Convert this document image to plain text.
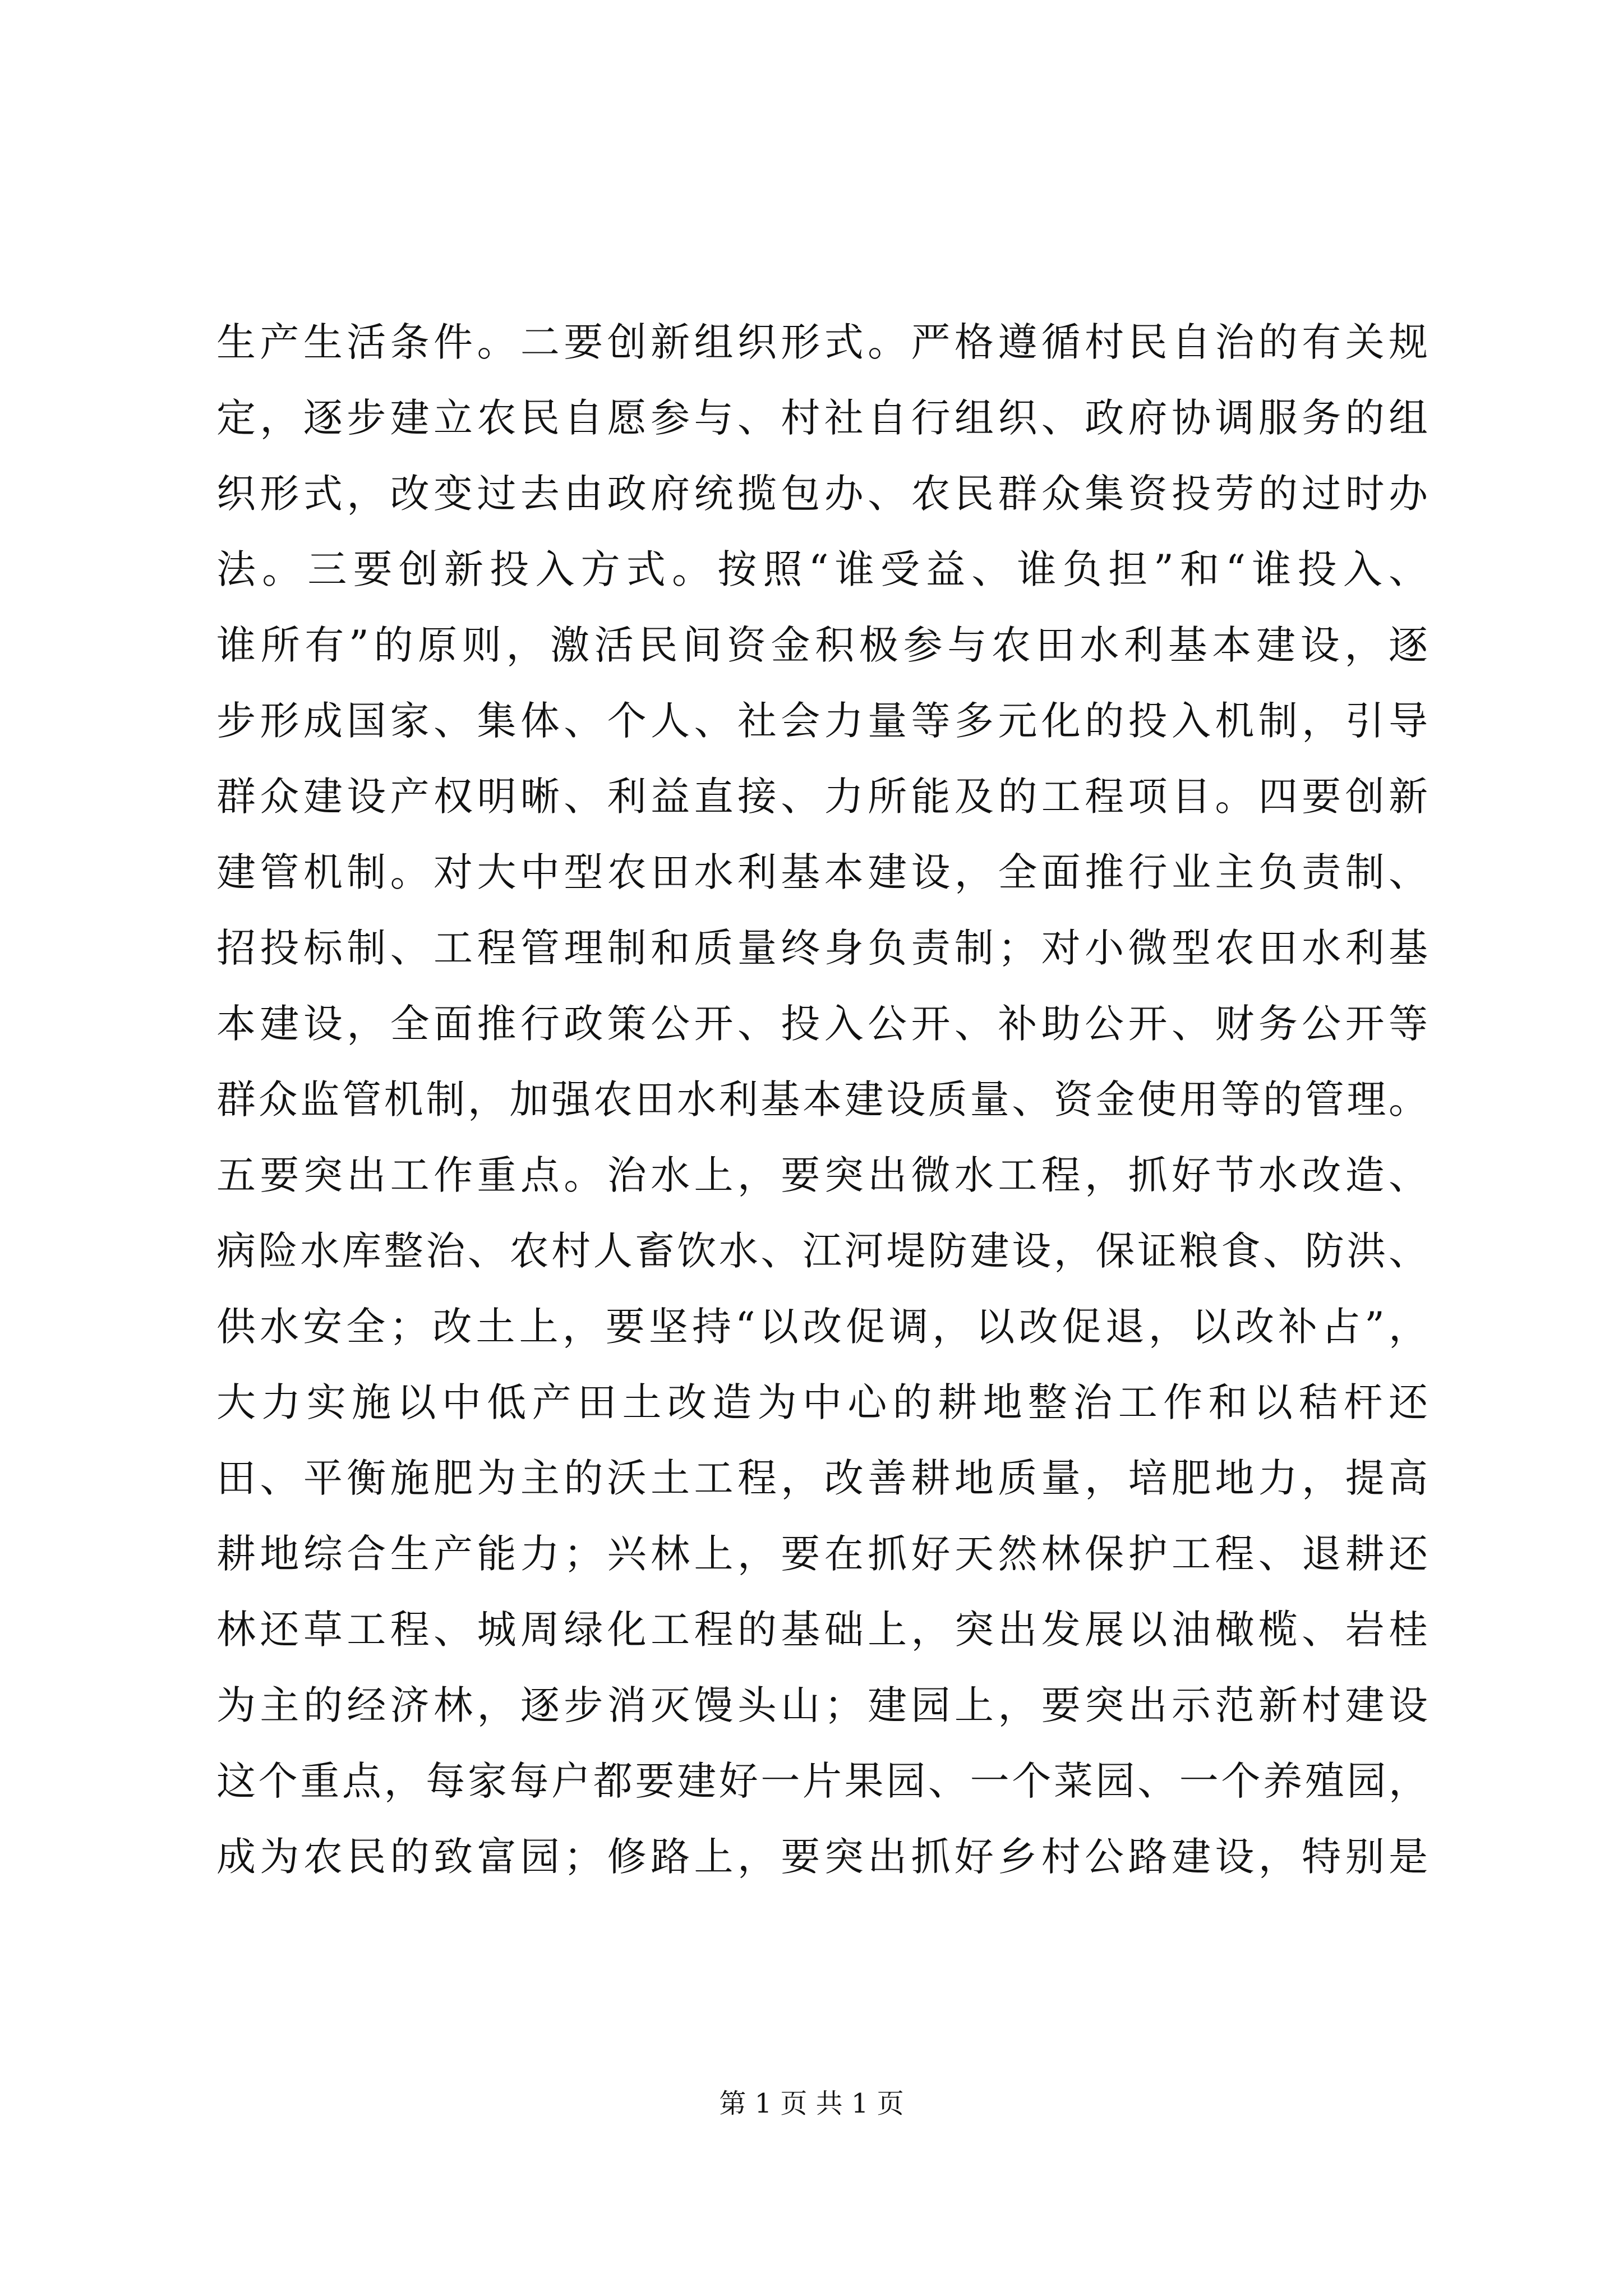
生产生活条件。二要创新组织形式。严格遵循村民自治的有关规
定，逐步建立农民自愿参与、村社自行组织、政府协调服务的组
织形式，改变过去由政府统揽包办、农民群众集资投劳的过时办
法。三要创新投入方式。按照“谁受益、谁负担”和“谁投入、
谁所有”的原则，激活民间资金积极参与农田水利基本建设，逐
步形成国家、集体、个人、社会力量等多元化的投入机制，引导
群众建设产权明晰、利益直接、力所能及的工程项目。四要创新
建管机制。对大中型农田水利基本建设，全面推行业主负责制、
招投标制、工程管理制和质量终身负责制；对小微型农田水利基
本建设，全面推行政策公开、投入公开、补助公开、财务公开等
群众监管机制，加强农田水利基本建设质量、资金使用等的管理。
五要突出工作重点。治水上，要突出微水工程，抓好节水改造、
病险水库整治、农村人畜饮水、江河堤防建设，保证粮食、防洪、
供水安全；改土上，要坚持“以改促调，以改促退，以改补占”，
大力实施以中低产田土改造为中心的耕地整治工作和以秸杆还
田、平衡施肥为主的沃土工程，改善耕地质量，培肥地力，提高
耕地综合生产能力；兴林上，要在抓好天然林保护工程、退耕还
林还草工程、城周绿化工程的基础上，突出发展以油橄榄、岩桂
为主的经济林，逐步消灭馒头山；建园上，要突出示范新村建设
这个重点，每家每户都要建好一片果园、一个菜园、一个养殖园，
成为农民的致富园；修路上，要突出抓好乡村公路建设，特别是
第 1 页 共 1 页
